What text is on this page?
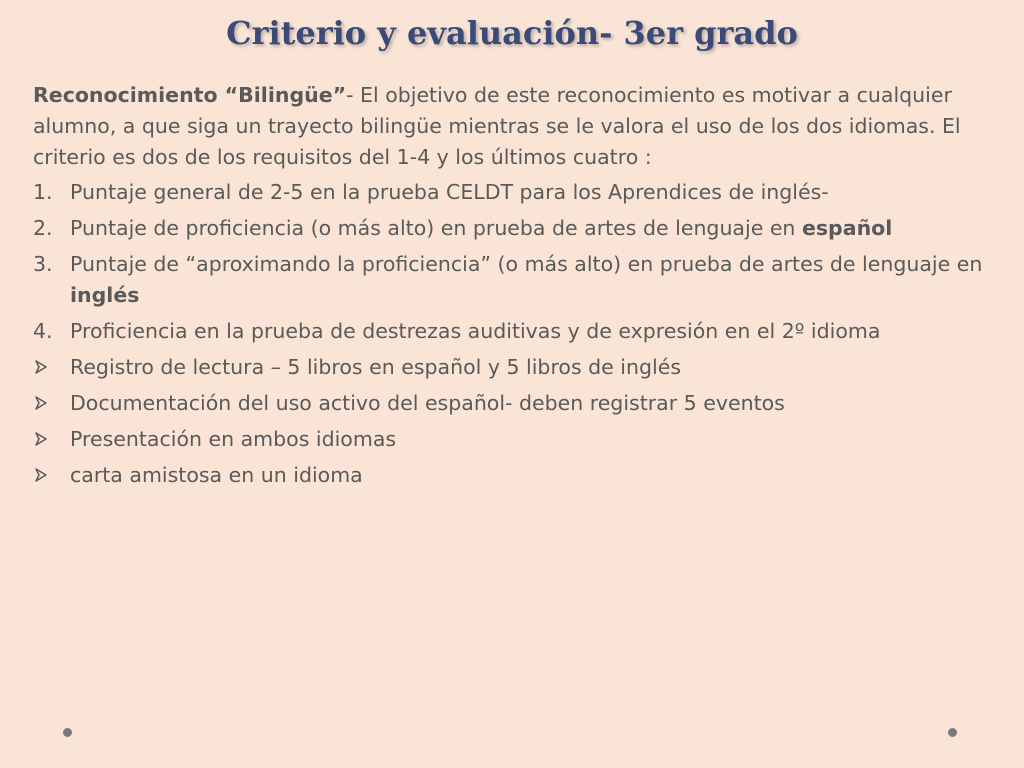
Criterio y evaluación- 3er grado

Reconocimiento “Bilingüe”- El objetivo de este reconocimiento es motivar a cualquier alumno, a que siga un trayecto bilingüe mientras se le valora el uso de los dos idiomas. El criterio es dos de los requisitos del 1-4 y los últimos cuatro :

1. Puntaje general de 2-5 en la prueba CELDT para los Aprendices de inglés-
2. Puntaje de proficiencia (o más alto) en prueba de artes de lenguaje en español
3. Puntaje de “aproximando la proficiencia” (o más alto) en prueba de artes de lenguaje en inglés
4. Proficiencia en la prueba de destrezas auditivas y de expresión en el 2º idioma
Registro de lectura – 5 libros en español y 5 libros de inglés
Documentación del uso activo del español- deben registrar 5 eventos
Presentación en ambos idiomas
carta amistosa en un idioma
